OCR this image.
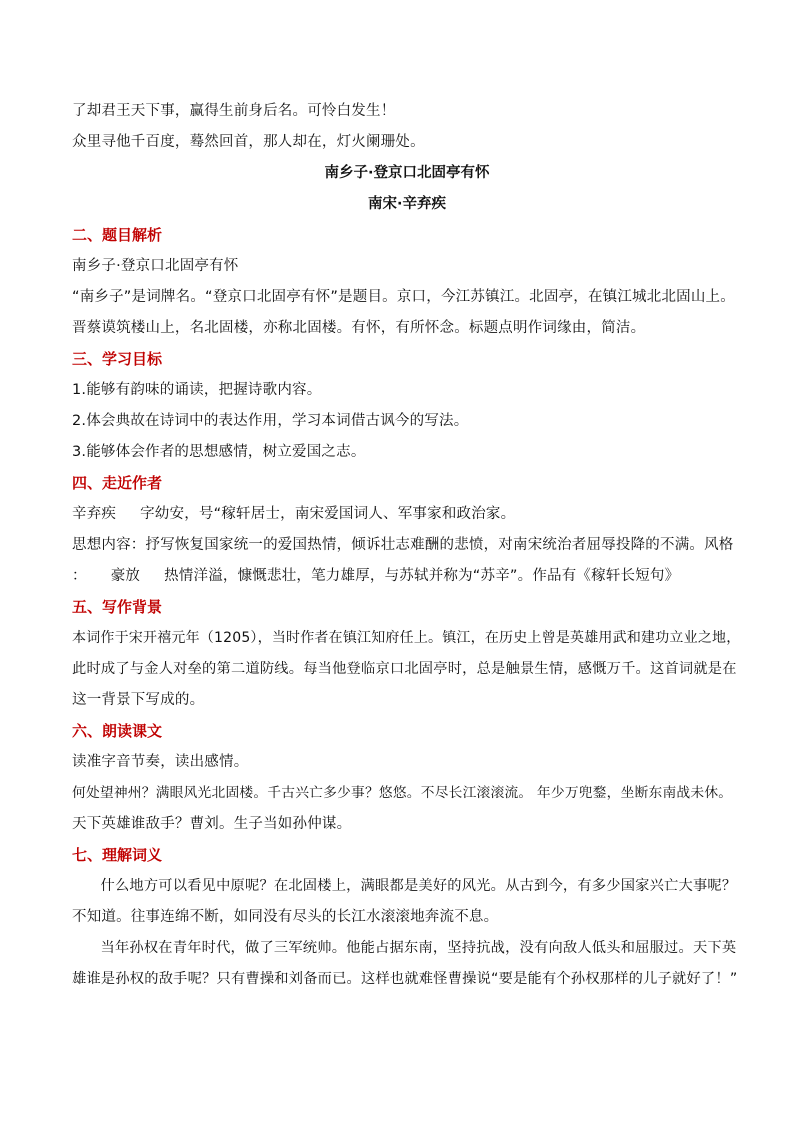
了却君王天下事，赢得生前身后名。可怜白发生！
众里寻他千百度，蓦然回首，那人却在，灯火阑珊处。
南乡子·登京口北固亭有怀
南宋·辛弃疾
二、题目解析
南乡子·登京口北固亭有怀
“南乡子”是词牌名。“登京口北固亭有怀”是题目。京口，今江苏镇江。北固亭，在镇江城北北固山上。
晋蔡谟筑楼山上，名北固楼，亦称北固楼。有怀，有所怀念。标题点明作词缘由，简洁。
三、学习目标
1.能够有韵味的诵读，把握诗歌内容。
2.体会典故在诗词中的表达作用，学习本词借古讽今的写法。
3.能够体会作者的思想感情，树立爱国之志。
四、走近作者
辛弃疾 字幼安，号“稼轩居士，南宋爱国词人、军事家和政治家。
思想内容：抒写恢复国家统一的爱国热情，倾诉壮志难酬的悲愤，对南宋统治者屈辱投降的不满。风格
： 豪放 热情洋溢，慷慨悲壮，笔力雄厚，与苏轼并称为“苏辛”。作品有《稼轩长短句》
五、写作背景
本词作于宋开禧元年（1205），当时作者在镇江知府任上。镇江，在历史上曾是英雄用武和建功立业之地，
此时成了与金人对垒的第二道防线。每当他登临京口北固亭时，总是触景生情，感慨万千。这首词就是在
这一背景下写成的。
六、朗读课文
读准字音节奏，读出感情。
何处望神州？满眼风光北固楼。千古兴亡多少事？悠悠。不尽长江滚滚流。 年少万兜鍪，坐断东南战未休。
天下英雄谁敌手？曹刘。生子当如孙仲谋。
七、理解词义
什么地方可以看见中原呢？在北固楼上，满眼都是美好的风光。从古到今，有多少国家兴亡大事呢？
不知道。往事连绵不断，如同没有尽头的长江水滚滚地奔流不息。
当年孙权在青年时代，做了三军统帅。他能占据东南，坚持抗战，没有向敌人低头和屈服过。天下英
雄谁是孙权的敌手呢？只有曹操和刘备而已。这样也就难怪曹操说“要是能有个孙权那样的儿子就好了！”
